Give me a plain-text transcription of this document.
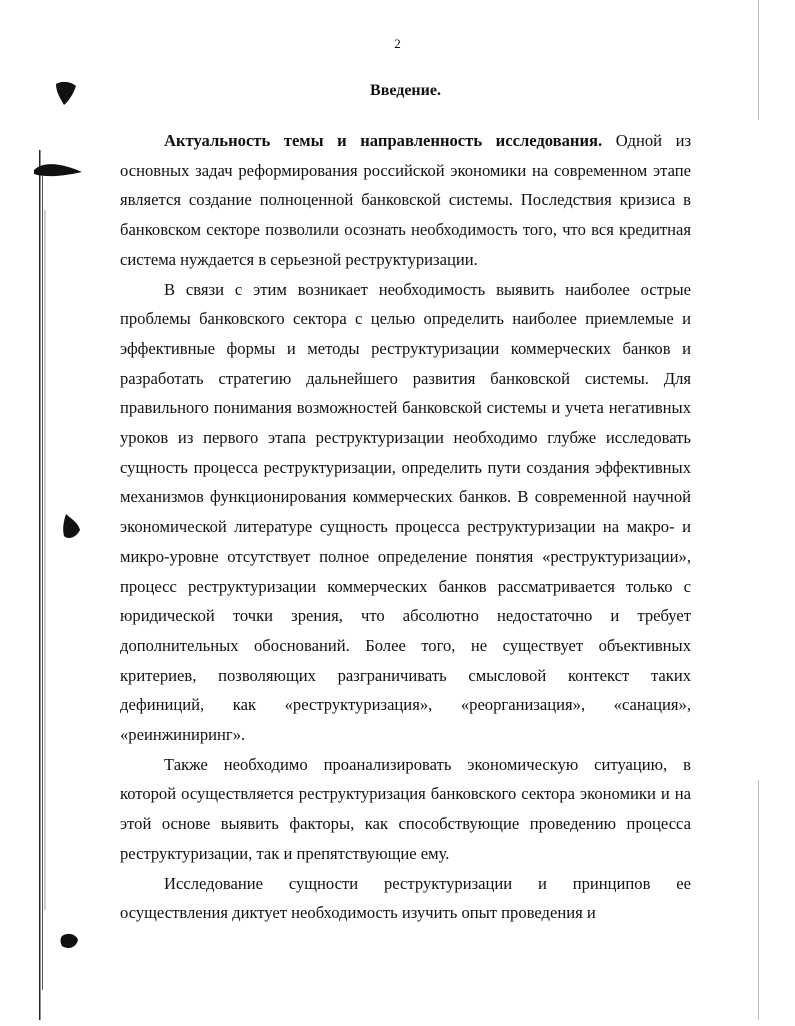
2
Введение.

Актуальность темы и направленность исследования. Одной из основных задач реформирования российской экономики на современном этапе является создание полноценной банковской системы. Последствия кризиса в банковском секторе позволили осознать необходимость того, что вся кредитная система нуждается в серьезной реструктуризации.

В связи с этим возникает необходимость выявить наиболее острые проблемы банковского сектора с целью определить наиболее приемлемые и эффективные формы и методы реструктуризации коммерческих банков и разработать стратегию дальнейшего развития банковской системы. Для правильного понимания возможностей банковской системы и учета негативных уроков из первого этапа реструктуризации необходимо глубже исследовать сущность процесса реструктуризации, определить пути создания эффективных механизмов функционирования коммерческих банков. В современной научной экономической литературе сущность процесса реструктуризации на макро- и микро-уровне отсутствует полное определение понятия «реструктуризации», процесс реструктуризации коммерческих банков рассматривается только с юридической точки зрения, что абсолютно недостаточно и требует дополнительных обоснований. Более того, не существует объективных критериев, позволяющих разграничивать смысловой контекст таких дефиниций, как «реструктуризация», «реорганизация», «санация», «реинжиниринг».

Также необходимо проанализировать экономическую ситуацию, в которой осуществляется реструктуризация банковского сектора экономики и на этой основе выявить факторы, как способствующие проведению процесса реструктуризации, так и препятствующие ему.

Исследование сущности реструктуризации и принципов ее осуществления диктует необходимость изучить опыт проведения и
